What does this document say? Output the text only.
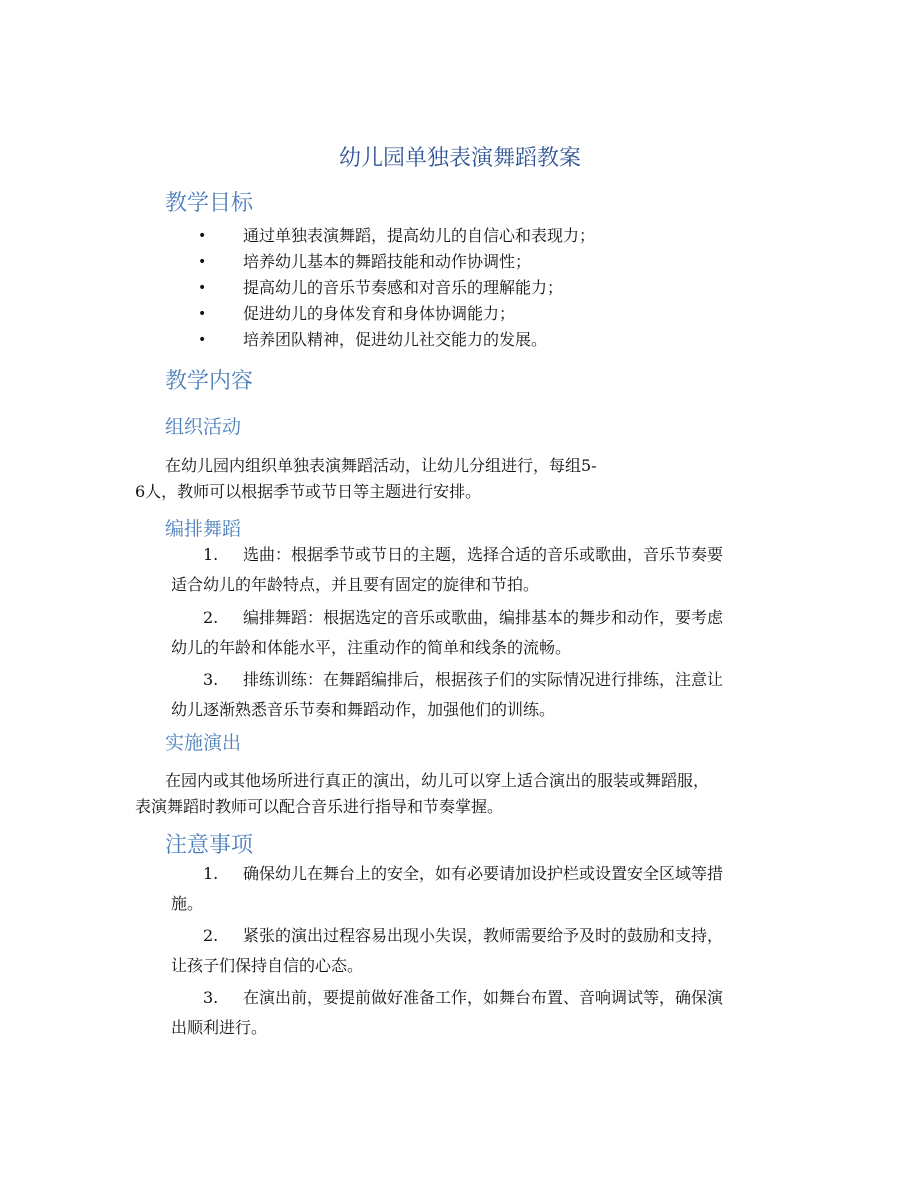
幼儿园单独表演舞蹈教案
教学目标
• 通过单独表演舞蹈，提高幼儿的自信心和表现力；
• 培养幼儿基本的舞蹈技能和动作协调性；
• 提高幼儿的音乐节奏感和对音乐的理解能力；
• 促进幼儿的身体发育和身体协调能力；
• 培养团队精神，促进幼儿社交能力的发展。
教学内容
组织活动
在幼儿园内组织单独表演舞蹈活动，让幼儿分组进行，每组5-
6人，教师可以根据季节或节日等主题进行安排。
编排舞蹈
1. 选曲：根据季节或节日的主题，选择合适的音乐或歌曲，音乐节奏要
适合幼儿的年龄特点，并且要有固定的旋律和节拍。
2. 编排舞蹈：根据选定的音乐或歌曲，编排基本的舞步和动作，要考虑
幼儿的年龄和体能水平，注重动作的简单和线条的流畅。
3. 排练训练：在舞蹈编排后，根据孩子们的实际情况进行排练，注意让
幼儿逐渐熟悉音乐节奏和舞蹈动作，加强他们的训练。
实施演出
在园内或其他场所进行真正的演出，幼儿可以穿上适合演出的服装或舞蹈服，
表演舞蹈时教师可以配合音乐进行指导和节奏掌握。
注意事项
1. 确保幼儿在舞台上的安全，如有必要请加设护栏或设置安全区域等措
施。
2. 紧张的演出过程容易出现小失误，教师需要给予及时的鼓励和支持，
让孩子们保持自信的心态。
3. 在演出前，要提前做好准备工作，如舞台布置、音响调试等，确保演
出顺利进行。
